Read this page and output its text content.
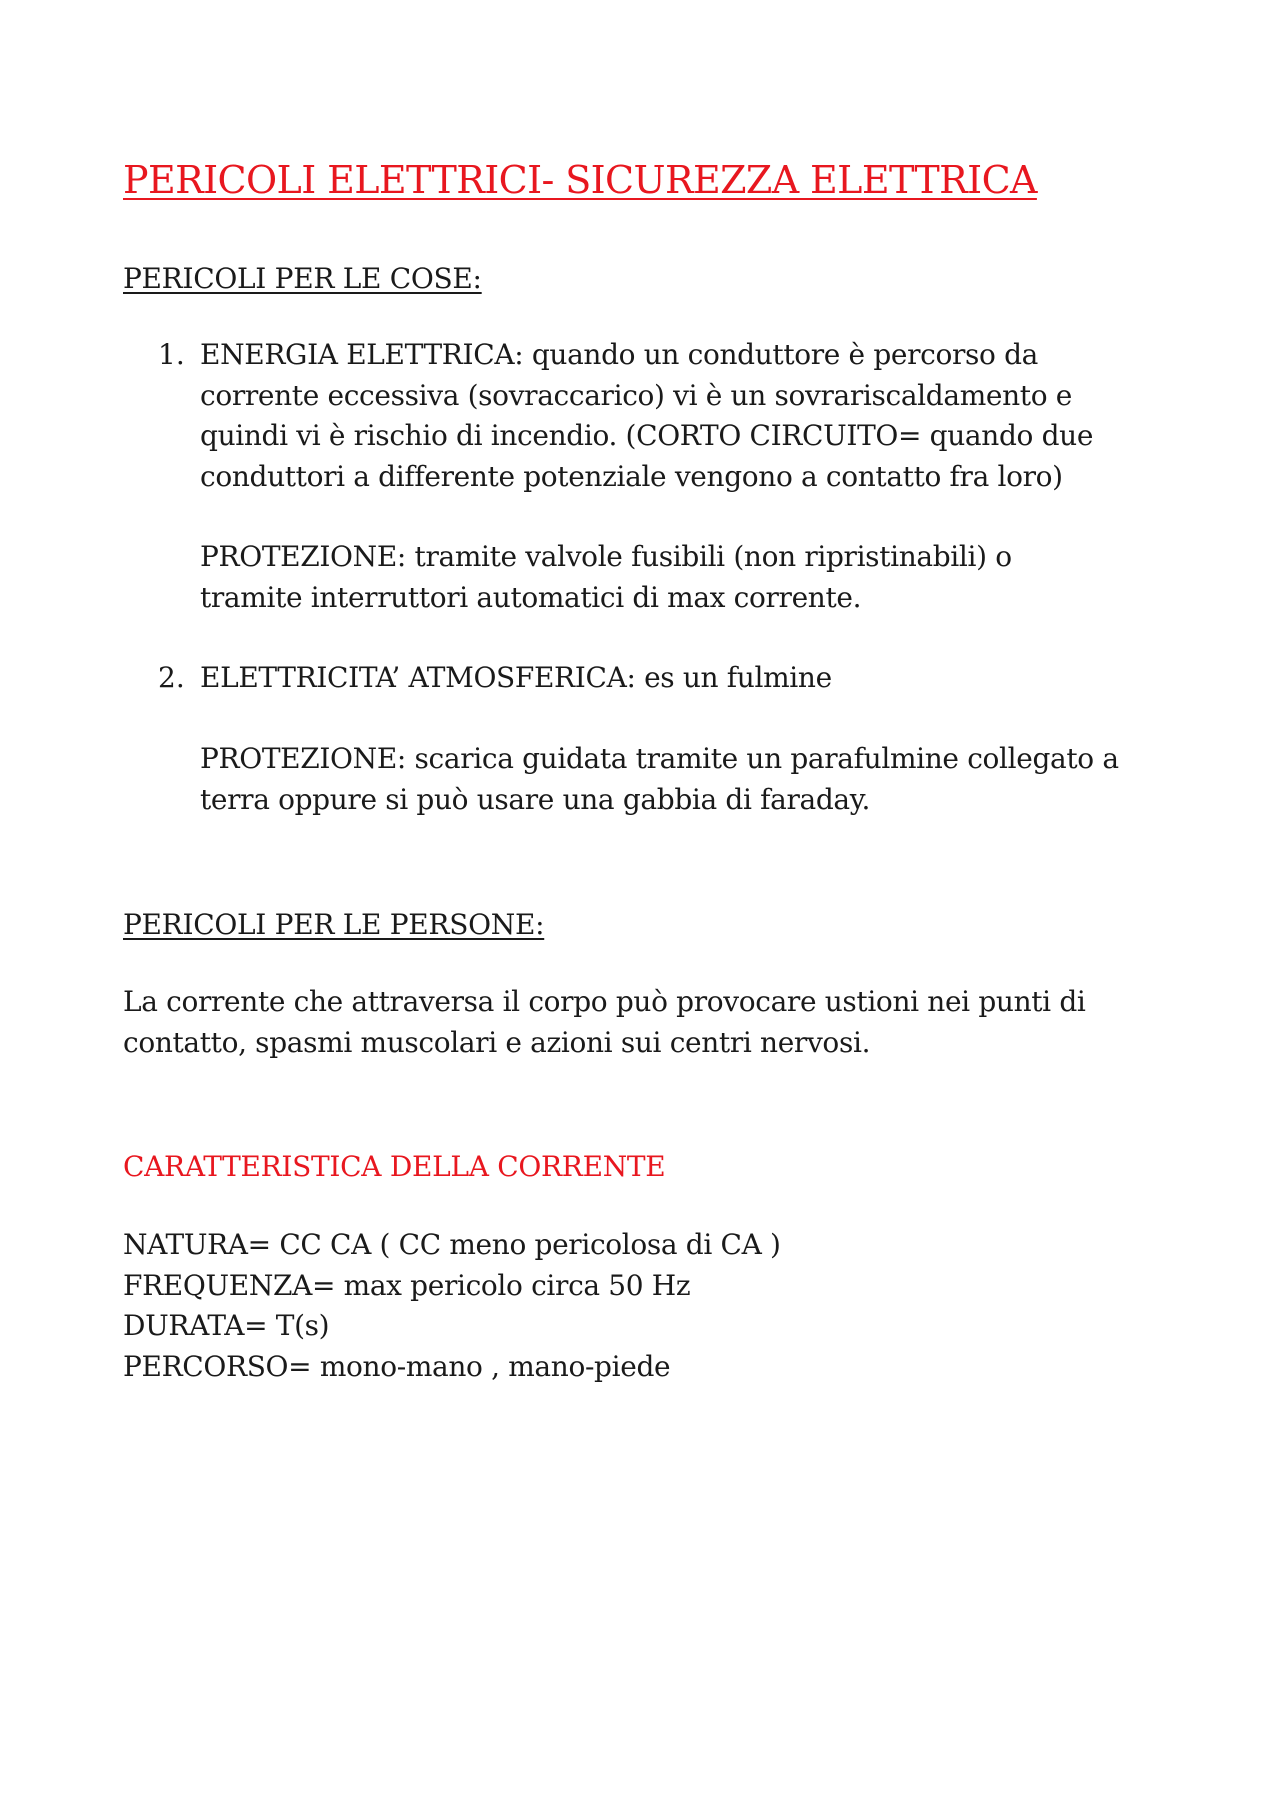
PERICOLI ELETTRICI- SICUREZZA ELETTRICA
PERICOLI PER LE COSE:
1. ENERGIA ELETTRICA: quando un conduttore è percorso da

corrente eccessiva (sovraccarico) vi è un sovrariscaldamento e

quindi vi è rischio di incendio. (CORTO CIRCUITO= quando due

conduttori a differente potenziale vengono a contatto fra loro)

PROTEZIONE: tramite valvole fusibili (non ripristinabili) o

tramite interruttori automatici di max corrente.

2. ELETTRICITA’ ATMOSFERICA: es un fulmine

PROTEZIONE: scarica guidata tramite un parafulmine collegato a

terra oppure si può usare una gabbia di faraday.

PERICOLI PER LE PERSONE:

La corrente che attraversa il corpo può provocare ustioni nei punti di

contatto, spasmi muscolari e azioni sui centri nervosi.

CARATTERISTICA DELLA CORRENTE

NATURA= CC CA ( CC meno pericolosa di CA )

FREQUENZA= max pericolo circa 50 Hz

DURATA= T(s)

PERCORSO= mono-mano , mano-piede
